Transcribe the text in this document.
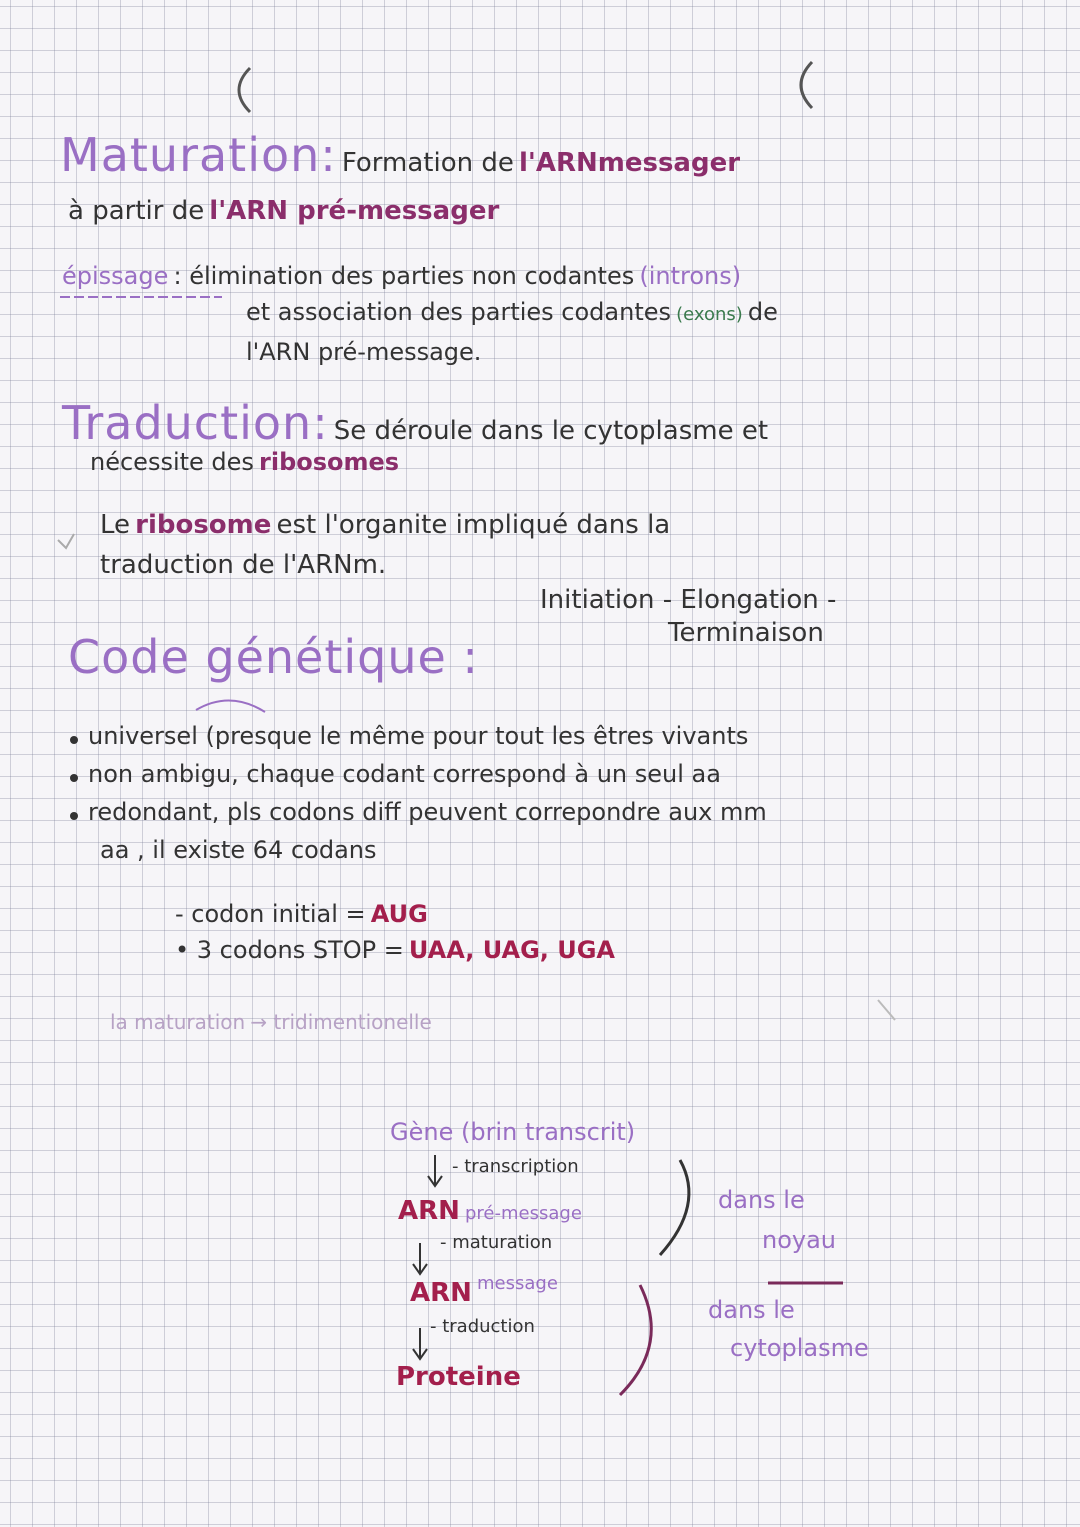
Maturation: Formation de l'ARNmessager
à partir de l'ARN pré-messager
épissage : élimination des parties non codantes (introns)
et association des parties codantes (exons) de
l'ARN pré-message.
Traduction: Se déroule dans le cytoplasme et
nécessite des ribosomes
Le ribosome est l'organite impliqué dans la
traduction de l'ARNm.
Initiation - Elongation -
Terminaison
Code génétique :
universel (presque le même pour tout les êtres vivants
non ambigu, chaque codant correspond à un seul aa
redondant, pls codons diff peuvent correpondre aux mm
aa , il existe 64 codans
- codon initial = AUG
• 3 codons STOP = UAA, UAG, UGA
la maturation → tridimentionelle
Gène (brin transcrit)
- transcription
ARN pré-message
- maturation
ARN message
- traduction
Proteine
dans le
noyau
dans le
cytoplasme
